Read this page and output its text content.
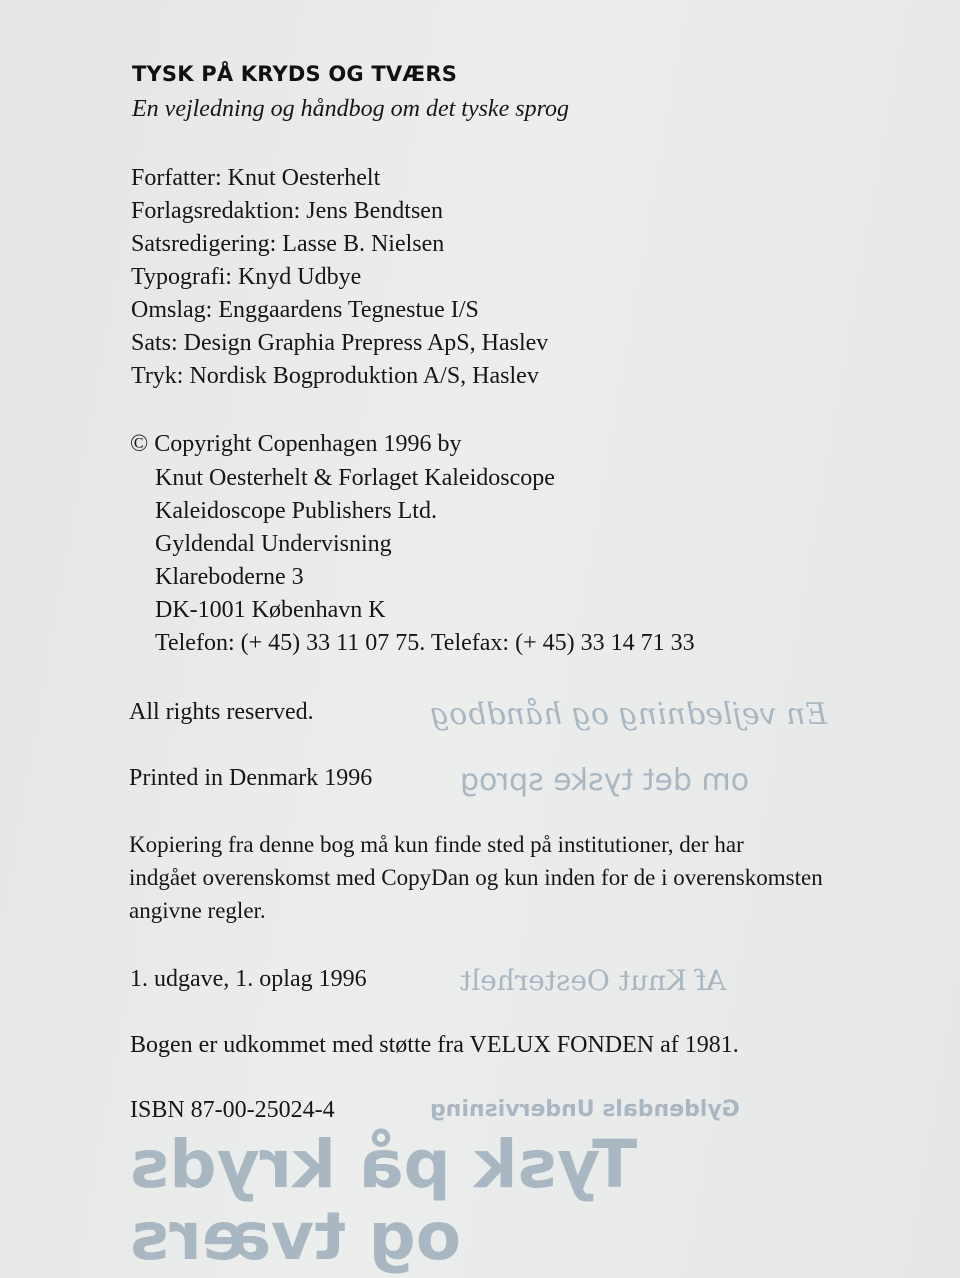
En vejledning og håndbog
om det tyske sprog
Af Knut Oesterhelt
Gyldendals Undervisning
Tysk på kryds
og tværs
TYSK PÅ KRYDS OG TVÆRS
En vejledning og håndbog om det tyske sprog
Forfatter: Knut Oesterhelt
Forlagsredaktion: Jens Bendtsen
Satsredigering: Lasse B. Nielsen
Typografi: Knyd Udbye
Omslag: Enggaardens Tegnestue I/S
Sats: Design Graphia Prepress ApS, Haslev
Tryk: Nordisk Bogproduktion A/S, Haslev
© Copyright Copenhagen 1996 by
Knut Oesterhelt & Forlaget Kaleidoscope
Kaleidoscope Publishers Ltd.
Gyldendal Undervisning
Klareboderne 3
DK-1001 København K
Telefon: (+ 45) 33 11 07 75. Telefax: (+ 45) 33 14 71 33
All rights reserved.
Printed in Denmark 1996
Kopiering fra denne bog må kun finde sted på institutioner, der har
indgået overenskomst med CopyDan og kun inden for de i overenskomsten
angivne regler.
1. udgave, 1. oplag 1996
Bogen er udkommet med støtte fra VELUX FONDEN af 1981.
ISBN 87-00-25024-4
